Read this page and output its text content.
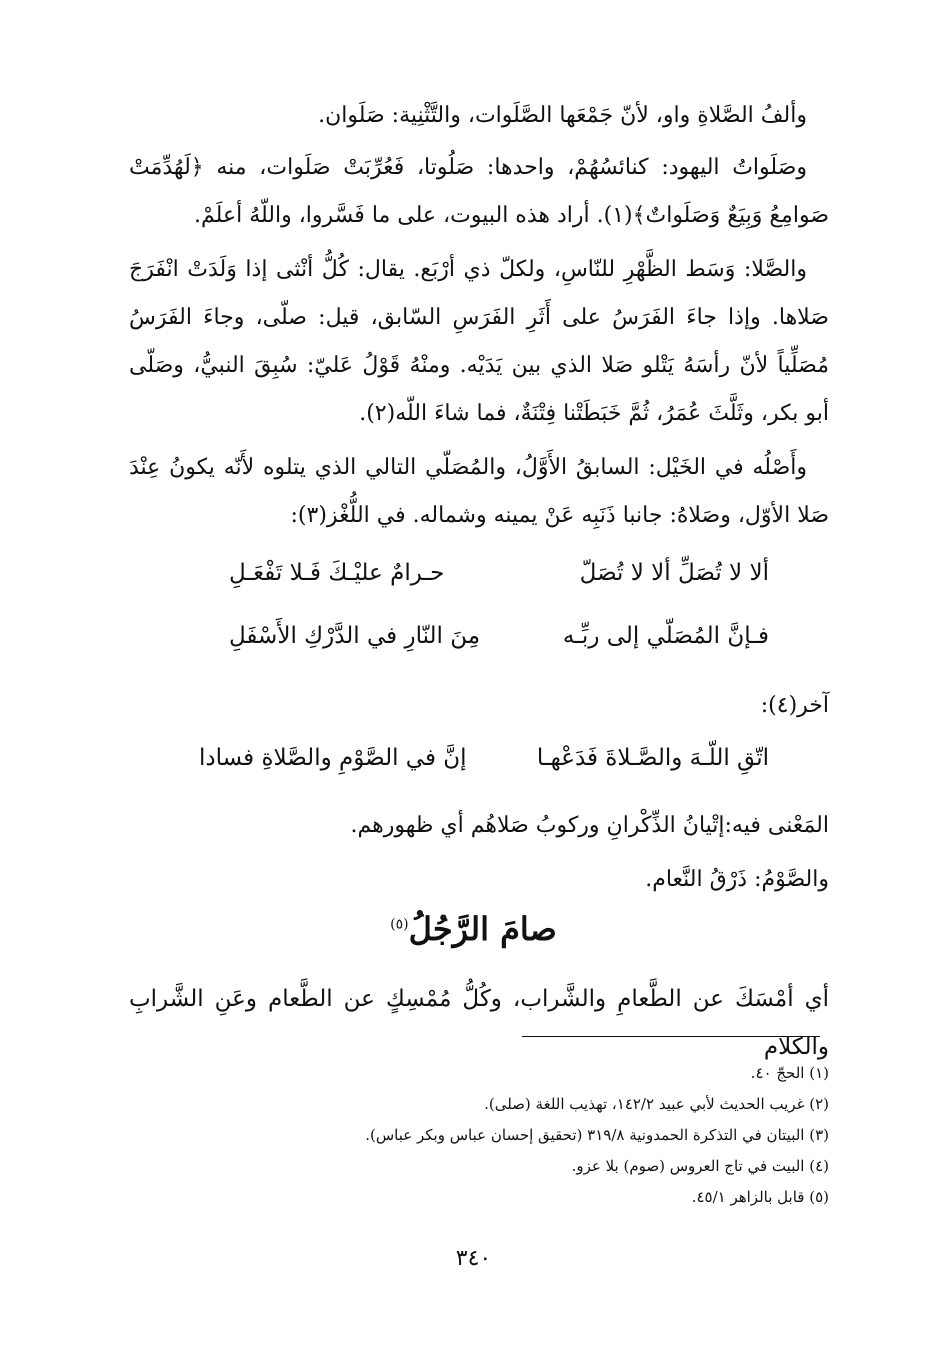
وألفُ الصَّلاةِ واو، لأنّ جَمْعَها الصَّلَوات، والتَّثْنِية: صَلَوان.

وصَلَواتُ اليهود: كنائسُهُمْ، واحدها: صَلُوتا، فَعُرِّبَتْ صَلَوات، منه ﴿لَهُدِّمَتْ صَوامِعُ وَبِيَعٌ وَصَلَواتٌ﴾(١). أراد هذه البيوت، على ما فَسَّروا، واللّهُ أعلَمْ.

والصَّلا: وَسَط الظَّهْرِ للنّاسِ، ولكلّ ذي أرْبَع. يقال: كُلُّ أنْثى إذا وَلَدَتْ انْفَرَجَ صَلاها. وإذا جاءَ الفَرَسُ على أَثَرِ الفَرَسِ السّابق، قيل: صلّى، وجاءَ الفَرَسُ مُصَلِّياً لأنّ رأسَهُ يَتْلو صَلا الذي بين يَدَيْه. ومنْهُ قَوْلُ عَليّ: سُبِقَ النبيُّ، وصَلّى أبو بكر، وثَلَّثَ عُمَرُ، ثُمَّ خَبَطَتْنا فِتْنَةٌ، فما شاءَ اللّه(٢).

وأَصْلُه في الخَيْل: السابقُ الأَوَّلُ، والمُصَلّي التالي الذي يتلوه لأَنّه يكونُ عِنْدَ صَلا الأوّل، وصَلاهُ: جانبا ذَنَبِه عَنْ يمينه وشماله. في اللُّغْز(٣):

ألا لا تُصَلِّ ألا لا تُصَلّ
حـرامٌ عليْـكَ فَـلا تَفْعَـلِ
فـإنَّ المُصَلّي إلى ربِّـه
مِنَ النّارِ في الدَّرْكِ الأَسْفَلِ

آخر(٤):

اتّقِ اللّـهَ والصَّـلاةَ فَدَعْهـا
إنَّ في الصَّوْمِ والصَّلاةِ فسادا

المَعْنى فيه:إتْيانُ الذِّكْرانِ وركوبُ صَلاهُم أي ظهورهم.

والصَّوْمُ: ذَرْقُ النَّعام.

صامَ الرَّجُلُ$^{(٥)}$

أي أمْسَكَ عن الطَّعامِ والشَّراب، وكُلُّ مُمْسِكٍ عن الطَّعام وعَنِ الشَّرابِ والكلام

(١) الحجّ ٤٠.

(٢) غريب الحديث لأبي عبيد ١٤٢/٢، تهذيب اللغة (صلى).

(٣) البيتان في التذكرة الحمدونية ٣١٩/٨ (تحقيق إحسان عباس وبكر عباس).

(٤) البيت في تاج العروس (صوم) بلا عزو.

(٥) قابل بالزاهر ٤٥/١.

٣٤٠
